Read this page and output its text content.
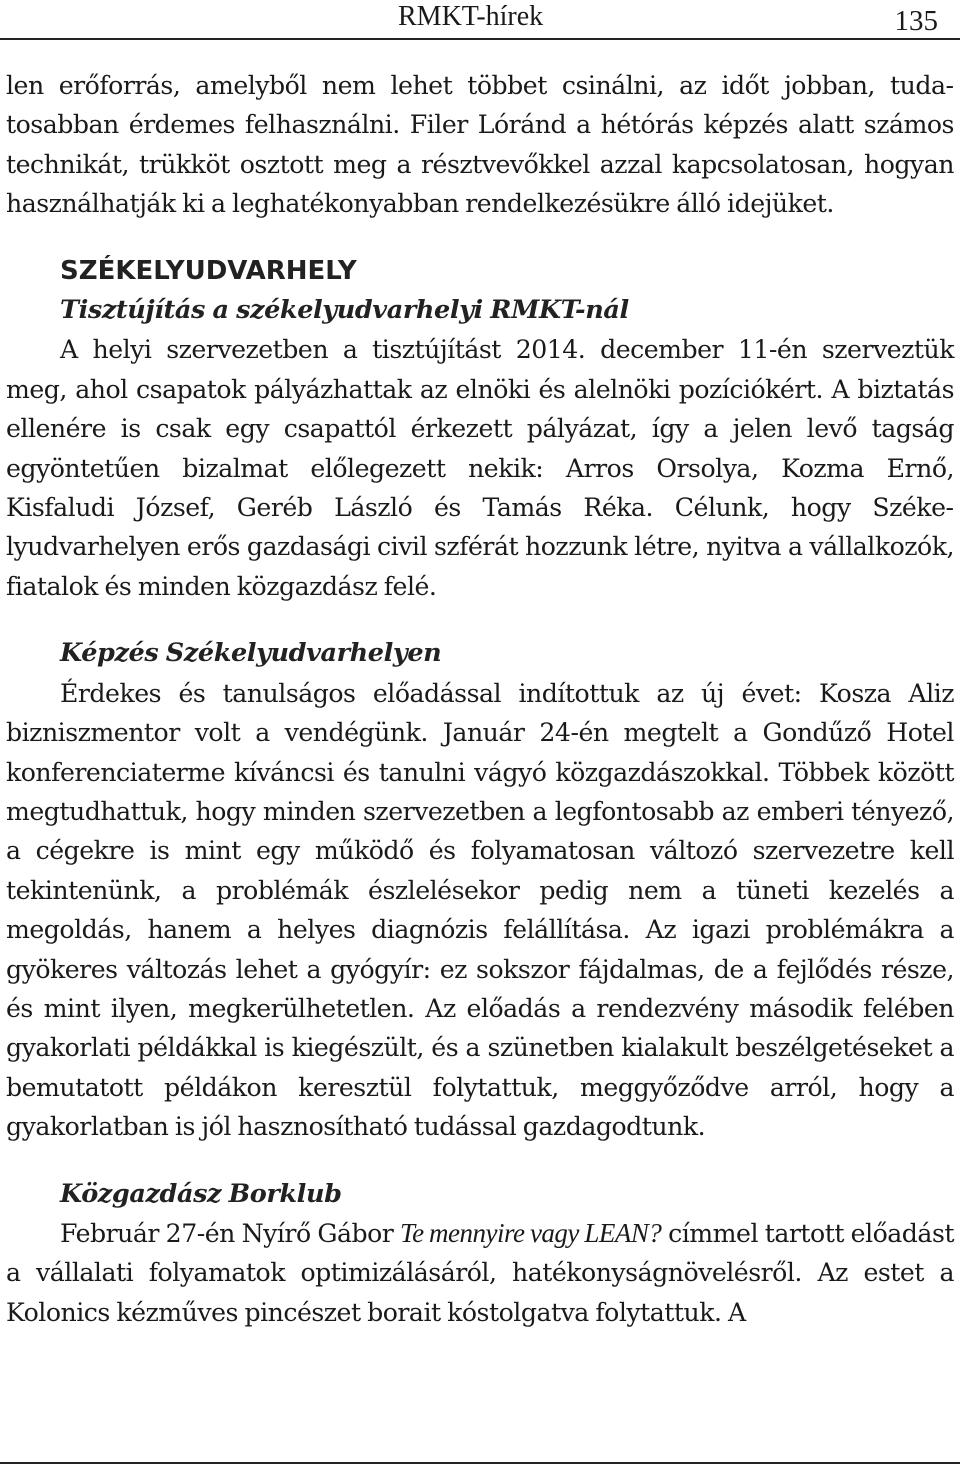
RMKT-hírek	135

len erőforrás, amelyből nem lehet többet csinálni, az időt jobban, tudatosabban érdemes felhasználni. Filer Lóránd a hétórás képzés alatt számos technikát, trükköt osztott meg a résztvevőkkel azzal kapcsolatosan, hogyan használhatják ki a leghatékonyabban rendelkezésükre álló idejüket.

SZÉKELYUDVARHELY
Tisztújítás a székelyudvarhelyi RMKT-nál

A helyi szervezetben a tisztújítást 2014. december 11-én szerveztük meg, ahol csapatok pályázhattak az elnöki és alelnöki pozíciókért. A biztatás ellenére is csak egy csapattól érkezett pályázat, így a jelen levő tagság egyöntetűen bizalmat előlegezett nekik: Arros Orsolya, Kozma Ernő, Kisfaludi József, Geréb László és Tamás Réka. Célunk, hogy Székelyudvarhelyen erős gazdasági civil szférát hozzunk létre, nyitva a vállalkozók, fiatalok és minden közgazdász felé.

Képzés Székelyudvarhelyen

Érdekes és tanulságos előadással indítottuk az új évet: Kosza Aliz bizniszmentor volt a vendégünk. Január 24-én megtelt a Gondűző Hotel konferenciaterme kíváncsi és tanulni vágyó közgazdászokkal. Többek között megtudhattuk, hogy minden szervezetben a legfontosabb az emberi tényező, a cégekre is mint egy működő és folyamatosan változó szervezetre kell tekintenünk, a problémák észlelésekor pedig nem a tüneti kezelés a megoldás, hanem a helyes diagnózis felállítása. Az igazi problémákra a gyökeres változás lehet a gyógyír: ez sokszor fájdalmas, de a fejlődés része, és mint ilyen, megkerülhetetlen. Az előadás a rendezvény második felében gyakorlati példákkal is kiegészült, és a szünetben kialakult beszélgetéseket a bemutatott példákon keresztül folytattuk, meggyőződve arról, hogy a gyakorlatban is jól hasznosítható tudással gazdagodtunk.

Közgazdász Borklub

Február 27-én Nyírő Gábor Te mennyire vagy LEAN? címmel tartott előadást a vállalati folyamatok optimizálásáról, hatékonyságnövelésről. Az estet a Kolonics kézműves pincészet borait kóstolgatva folytattuk. A
